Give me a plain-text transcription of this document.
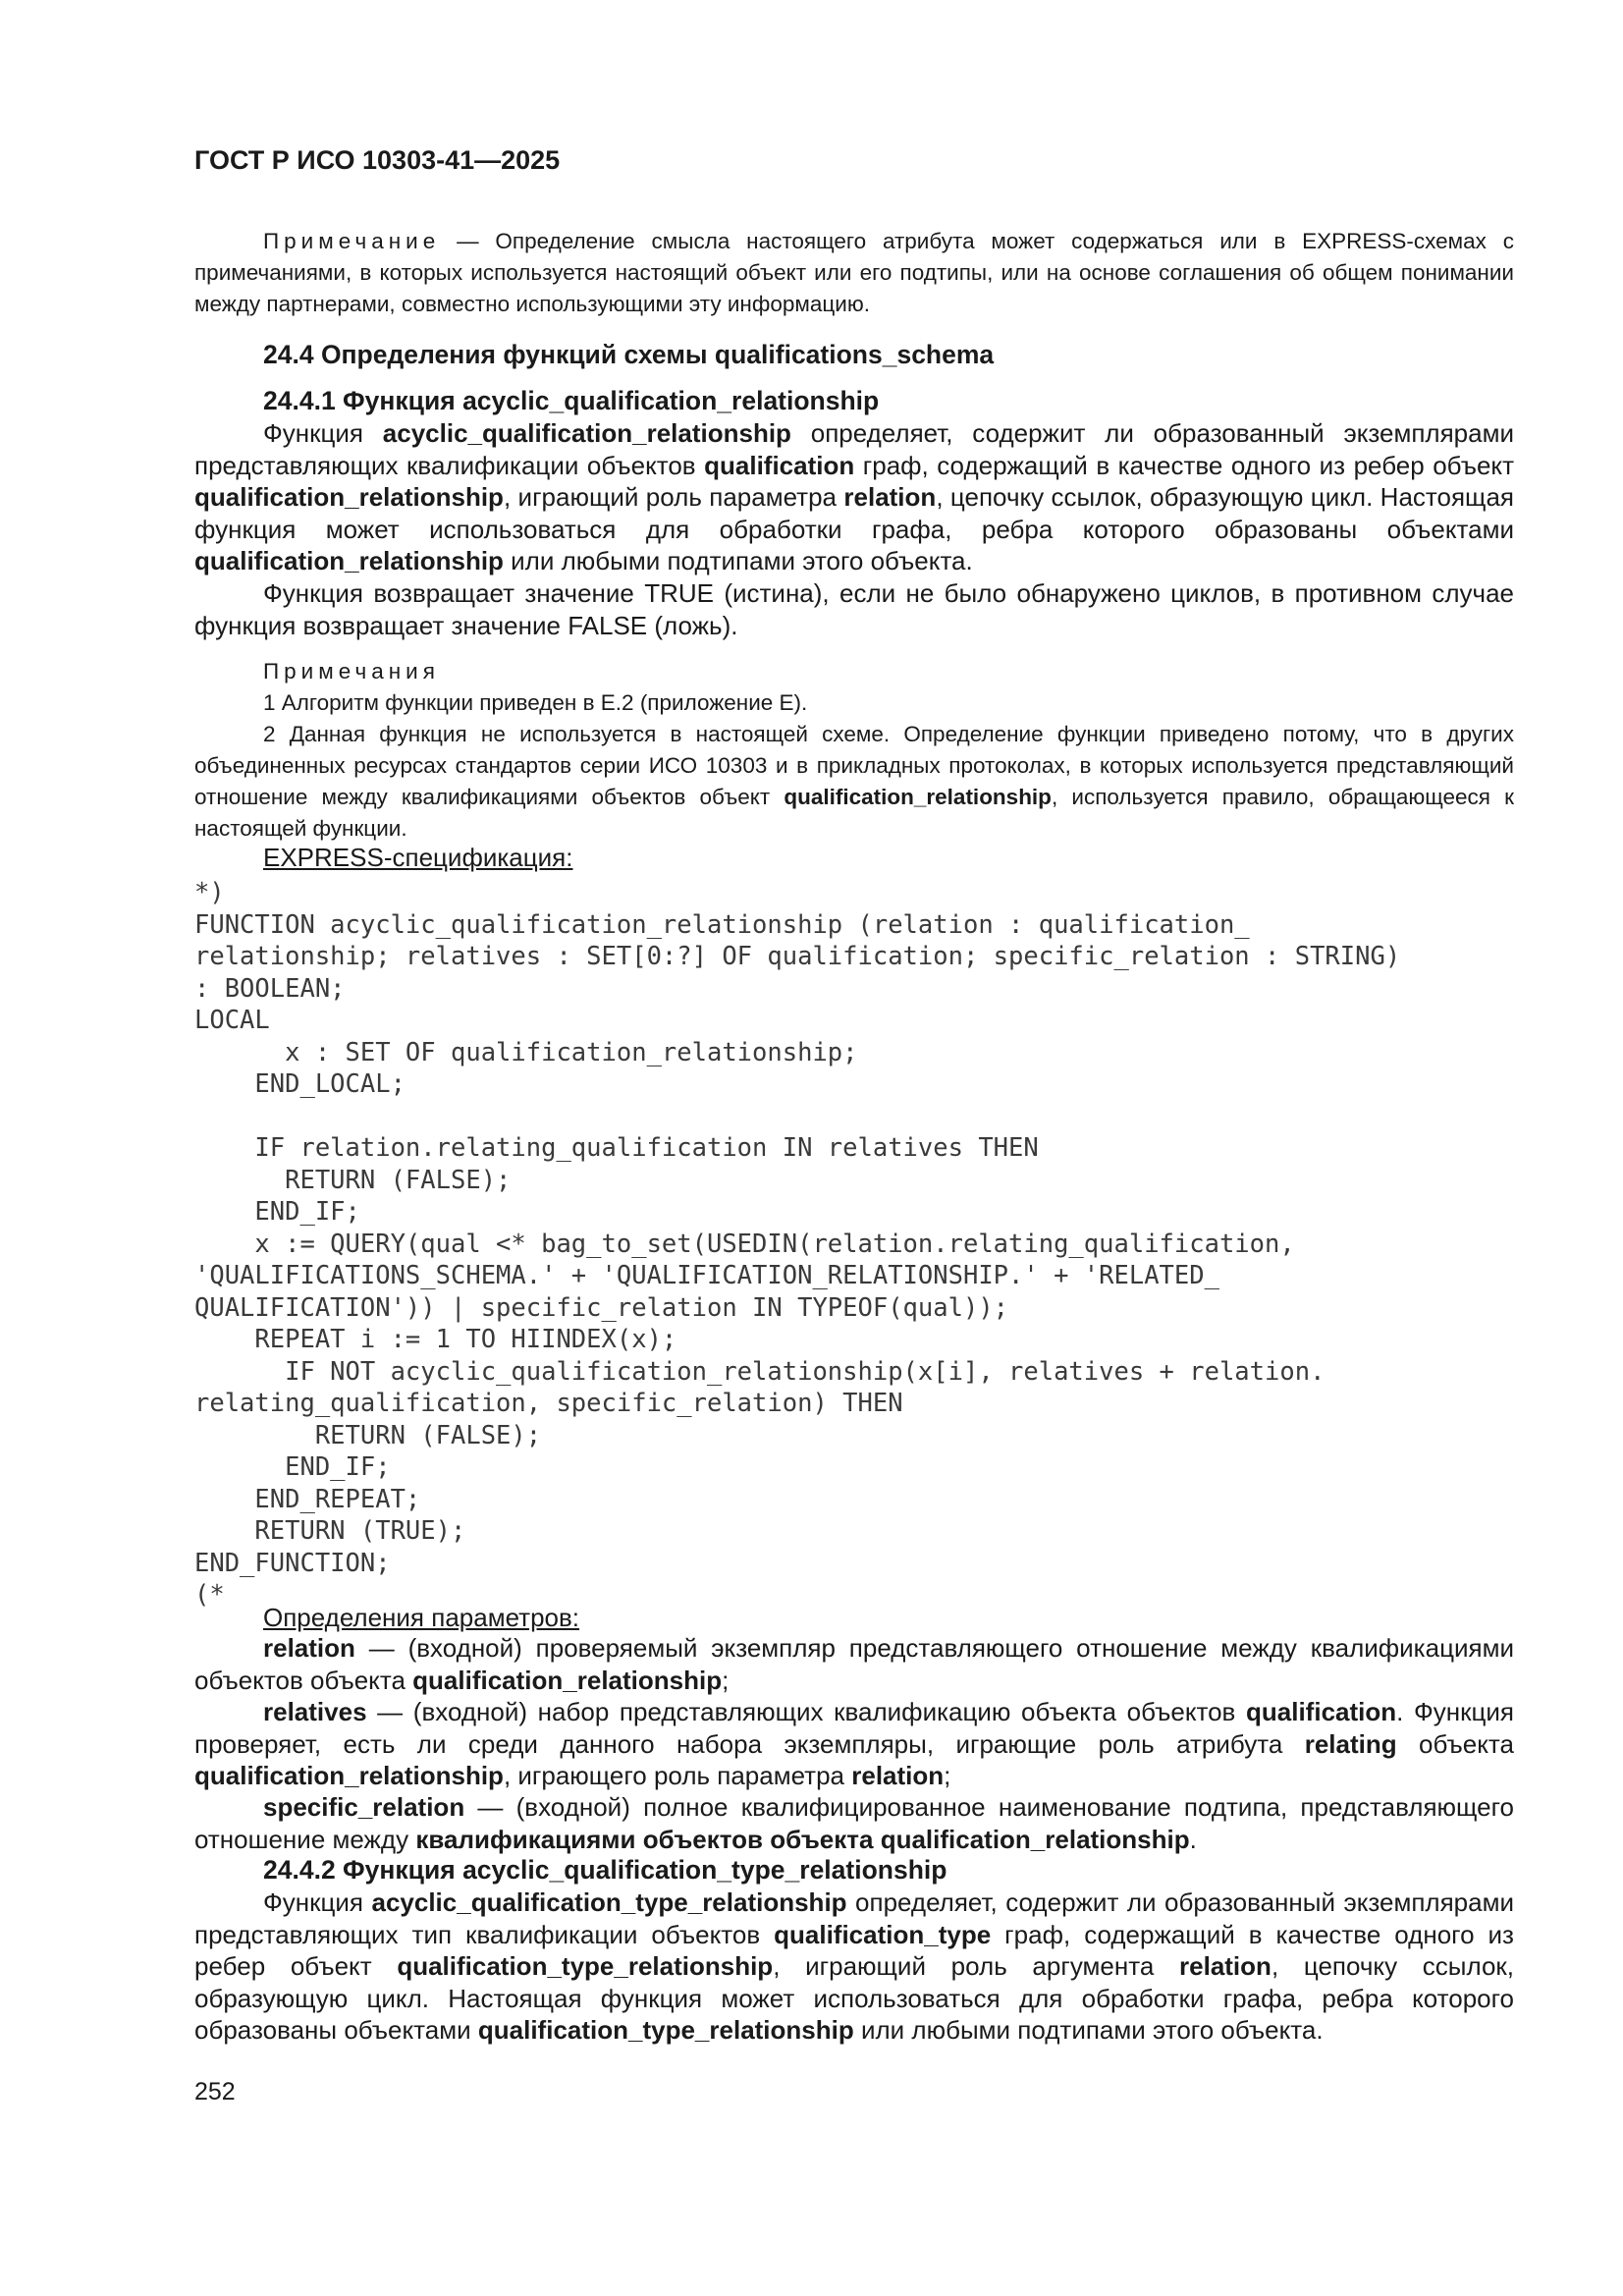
ГОСТ Р ИСО 10303-41—2025

Примечание — Определение смысла настоящего атрибута может содержаться или в EXPRESS-схемах с примечаниями, в которых используется настоящий объект или его подтипы, или на основе соглашения об общем понимании между партнерами, совместно использующими эту информацию.

24.4 Определения функций схемы qualifications_schema

24.4.1 Функция acyclic_qualification_relationship

Функция acyclic_qualification_relationship определяет, содержит ли образованный экземплярами представляющих квалификации объектов qualification граф, содержащий в качестве одного из ребер объект qualification_relationship, играющий роль параметра relation, цепочку ссылок, образующую цикл. Настоящая функция может использоваться для обработки графа, ребра которого образованы объектами qualification_relationship или любыми подтипами этого объекта.

Функция возвращает значение TRUE (истина), если не было обнаружено циклов, в противном случае функция возвращает значение FALSE (ложь).

Примечания

1 Алгоритм функции приведен в Е.2 (приложение Е).

2 Данная функция не используется в настоящей схеме. Определение функции приведено потому, что в других объединенных ресурсах стандартов серии ИСО 10303 и в прикладных протоколах, в которых используется представляющий отношение между квалификациями объектов объект qualification_relationship, используется правило, обращающееся к настоящей функции.

EXPRESS-спецификация:

*)
FUNCTION acyclic_qualification_relationship (relation : qualification_
relationship; relatives : SET[0:?] OF qualification; specific_relation : STRING)
: BOOLEAN;
LOCAL
x : SET OF qualification_relationship;
END_LOCAL;
IF relation.relating_qualification IN relatives THEN
RETURN (FALSE);
END_IF;
x := QUERY(qual <* bag_to_set(USEDIN(relation.relating_qualification,
'QUALIFICATIONS_SCHEMA.' + 'QUALIFICATION_RELATIONSHIP.' + 'RELATED_
QUALIFICATION')) | specific_relation IN TYPEOF(qual));
REPEAT i := 1 TO HIINDEX(x);
IF NOT acyclic_qualification_relationship(x[i], relatives + relation.
relating_qualification, specific_relation) THEN
RETURN (FALSE);
END_IF;
END_REPEAT;
RETURN (TRUE);
END_FUNCTION;
(*

Определения параметров:

relation — (входной) проверяемый экземпляр представляющего отношение между квалификациями объектов объекта qualification_relationship;

relatives — (входной) набор представляющих квалификацию объекта объектов qualification. Функция проверяет, есть ли среди данного набора экземпляры, играющие роль атрибута relating объекта qualification_relationship, играющего роль параметра relation;

specific_relation — (входной) полное квалифицированное наименование подтипа, представляющего отношение между квалификациями объектов объекта qualification_relationship.

24.4.2 Функция acyclic_qualification_type_relationship

Функция acyclic_qualification_type_relationship определяет, содержит ли образованный экземплярами представляющих тип квалификации объектов qualification_type граф, содержащий в качестве одного из ребер объект qualification_type_relationship, играющий роль аргумента relation, цепочку ссылок, образующую цикл. Настоящая функция может использоваться для обработки графа, ребра которого образованы объектами qualification_type_relationship или любыми подтипами этого объекта.

252
